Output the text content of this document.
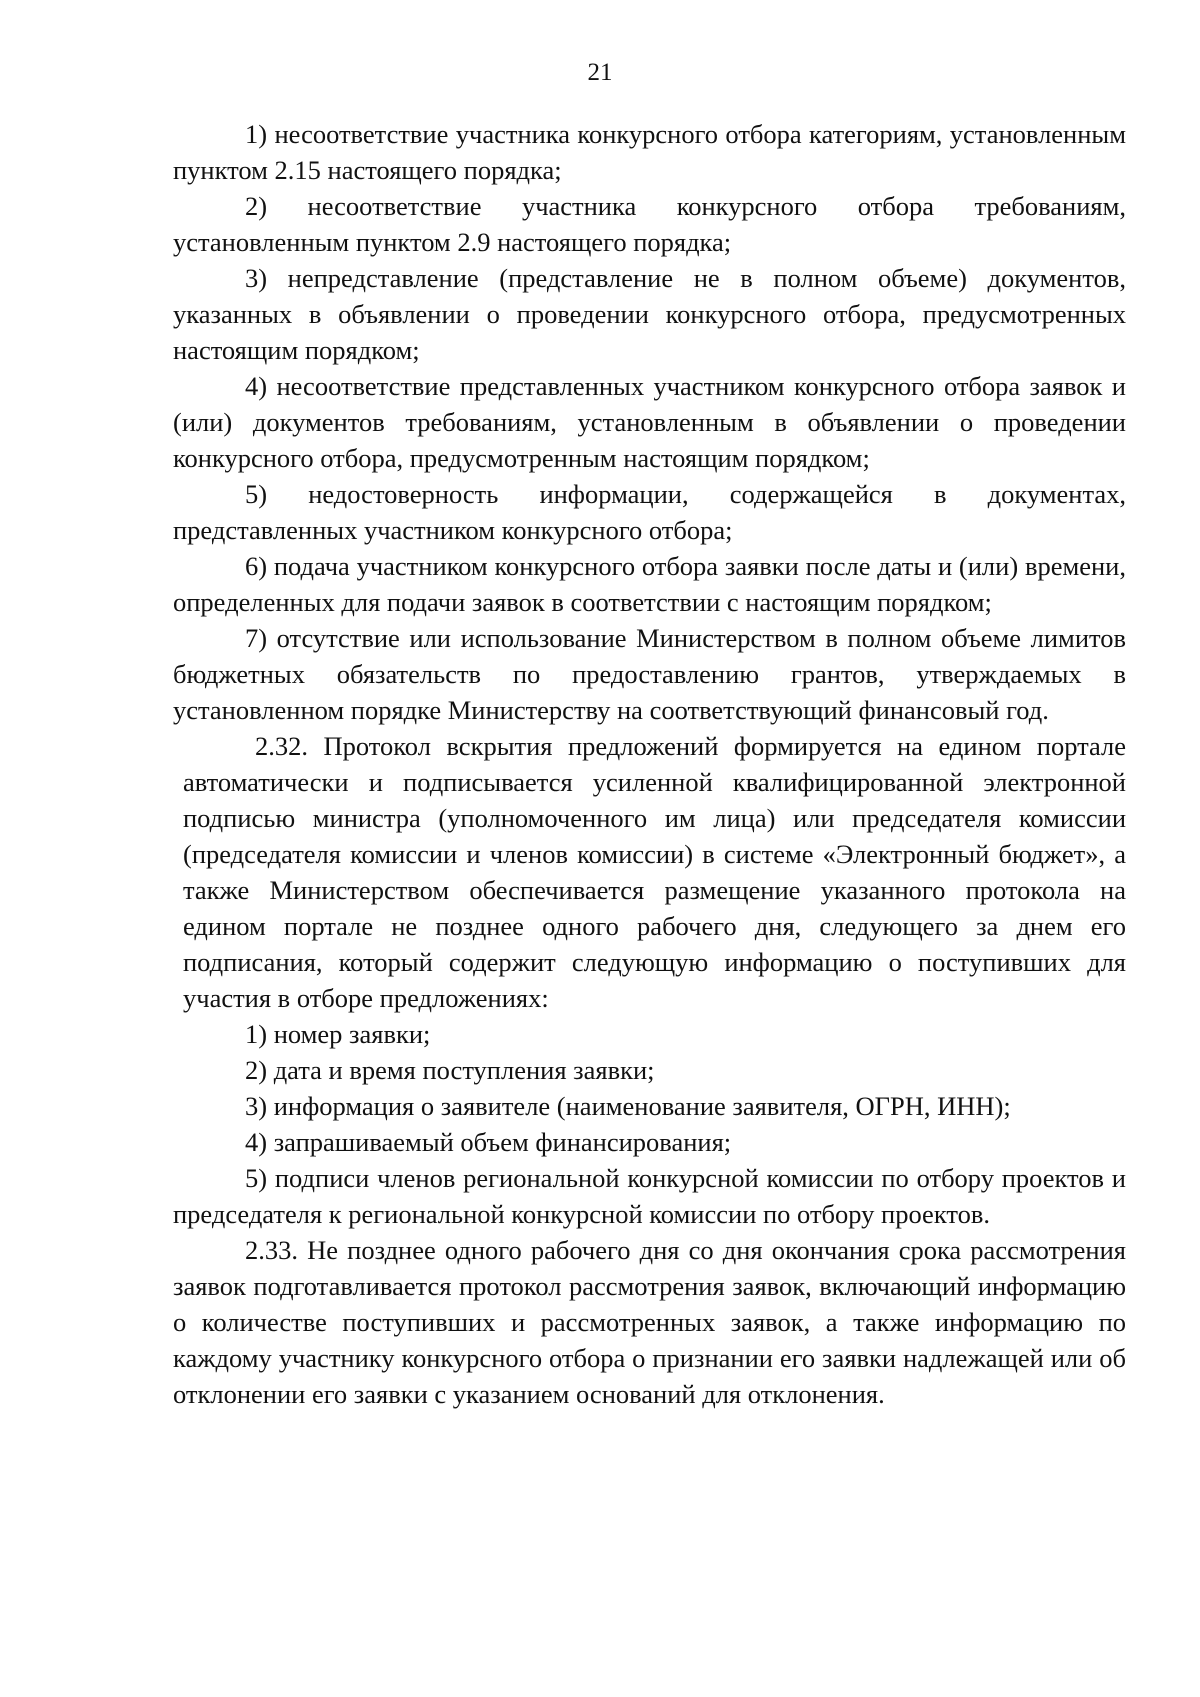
21

1) несоответствие участника конкурсного отбора категориям, установленным пунктом 2.15 настоящего порядка;

2) несоответствие участника конкурсного отбора требованиям, установленным пунктом 2.9 настоящего порядка;

3) непредставление (представление не в полном объеме) документов, указанных в объявлении о проведении конкурсного отбора, предусмотренных настоящим порядком;

4) несоответствие представленных участником конкурсного отбора заявок и (или) документов требованиям, установленным в объявлении о проведении конкурсного отбора, предусмотренным настоящим порядком;

5) недостоверность информации, содержащейся в документах, представленных участником конкурсного отбора;

6) подача участником конкурсного отбора заявки после даты и (или) времени, определенных для подачи заявок в соответствии с настоящим порядком;

7) отсутствие или использование Министерством в полном объеме лимитов бюджетных обязательств по предоставлению грантов, утверждаемых в установленном порядке Министерству на соответствующий финансовый год.

2.32. Протокол вскрытия предложений формируется на едином портале автоматически и подписывается усиленной квалифицированной электронной подписью министра (уполномоченного им лица) или председателя комиссии (председателя комиссии и членов комиссии) в системе «Электронный бюджет», а также Министерством обеспечивается размещение указанного протокола на едином портале не позднее одного рабочего дня, следующего за днем его подписания, который содержит следующую информацию о поступивших для участия в отборе предложениях:

1) номер заявки;

2) дата и время поступления заявки;

3) информация о заявителе (наименование заявителя, ОГРН, ИНН);

4) запрашиваемый объем финансирования;

5) подписи членов региональной конкурсной комиссии по отбору проектов и председателя к региональной конкурсной комиссии по отбору проектов.

2.33. Не позднее одного рабочего дня со дня окончания срока рассмотрения заявок подготавливается протокол рассмотрения заявок, включающий информацию о количестве поступивших и рассмотренных заявок, а также информацию по каждому участнику конкурсного отбора о признании его заявки надлежащей или об отклонении его заявки с указанием оснований для отклонения.
